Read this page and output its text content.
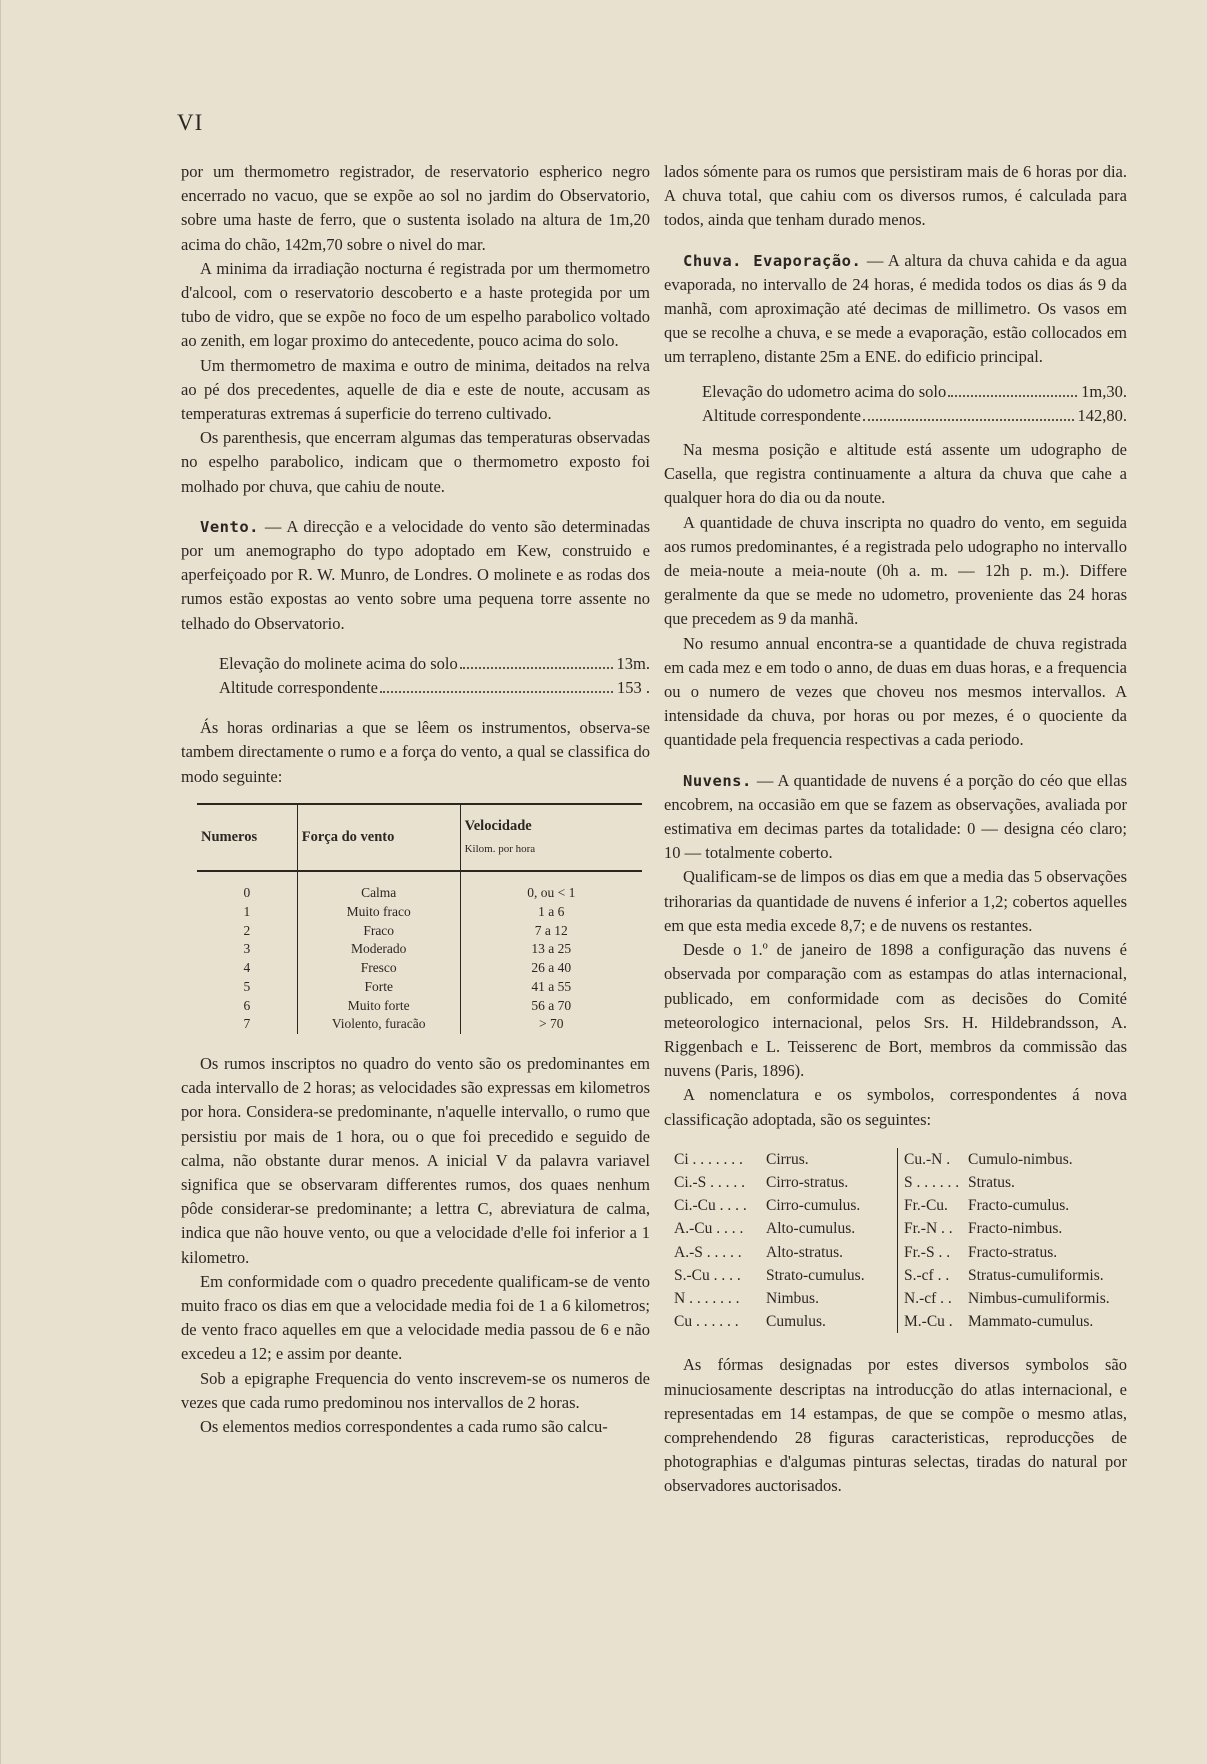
VI

por um thermometro registrador, de reservatorio espherico negro encerrado no vacuo, que se expõe ao sol no jardim do Observatorio, sobre uma haste de ferro, que o sustenta isolado na altura de 1m,20 acima do chão, 142m,70 sobre o nivel do mar.

A minima da irradiação nocturna é registrada por um thermometro d'alcool, com o reservatorio descoberto e a haste protegida por um tubo de vidro, que se expõe no foco de um espelho parabolico voltado ao zenith, em logar proximo do antecedente, pouco acima do solo.

Um thermometro de maxima e outro de minima, deitados na relva ao pé dos precedentes, aquelle de dia e este de noute, accusam as temperaturas extremas á superficie do terreno cultivado.

Os parenthesis, que encerram algumas das temperaturas observadas no espelho parabolico, indicam que o thermometro exposto foi molhado por chuva, que cahiu de noute.

Vento. — A direcção e a velocidade do vento são determinadas por um anemographo do typo adoptado em Kew, construido e aperfeiçoado por R. W. Munro, de Londres. O molinete e as rodas dos rumos estão expostas ao vento sobre uma pequena torre assente no telhado do Observatorio.

Elevação do molinete acima do solo	13m.
Altitude correspondente	153 .

Ás horas ordinarias a que se lêem os instrumentos, observa-se tambem directamente o rumo e a força do vento, a qual se classifica do modo seguinte:

Numeros	Força do vento	Velocidade
Kilom. por hora

0	Calma	0, ou < 1
1	Muito fraco	1 a 6
2	Fraco	7 a 12
3	Moderado	13 a 25
4	Fresco	26 a 40
5	Forte	41 a 55
6	Muito forte	56 a 70
7	Violento, furacão	> 70

Os rumos inscriptos no quadro do vento são os predominantes em cada intervallo de 2 horas; as velocidades são expressas em kilometros por hora. Considera-se predominante, n'aquelle intervallo, o rumo que persistiu por mais de 1 hora, ou o que foi precedido e seguido de calma, não obstante durar menos. A inicial V da palavra variavel significa que se observaram differentes rumos, dos quaes nenhum pôde considerar-se predominante; a lettra C, abreviatura de calma, indica que não houve vento, ou que a velocidade d'elle foi inferior a 1 kilometro.

Em conformidade com o quadro precedente qualificam-se de vento muito fraco os dias em que a velocidade media foi de 1 a 6 kilometros; de vento fraco aquelles em que a velocidade media passou de 6 e não excedeu a 12; e assim por deante.

Sob a epigraphe Frequencia do vento inscrevem-se os numeros de vezes que cada rumo predominou nos intervallos de 2 horas.

Os elementos medios correspondentes a cada rumo são calcu-

lados sómente para os rumos que persistiram mais de 6 horas por dia. A chuva total, que cahiu com os diversos rumos, é calculada para todos, ainda que tenham durado menos.

Chuva. Evaporação. — A altura da chuva cahida e da agua evaporada, no intervallo de 24 horas, é medida todos os dias ás 9 da manhã, com aproximação até decimas de millimetro. Os vasos em que se recolhe a chuva, e se mede a evaporação, estão collocados em um terrapleno, distante 25m a ENE. do edificio principal.

Elevação do udometro acima do solo	1m,30.
Altitude correspondente	142,80.

Na mesma posição e altitude está assente um udographo de Casella, que registra continuamente a altura da chuva que cahe a qualquer hora do dia ou da noute.

A quantidade de chuva inscripta no quadro do vento, em seguida aos rumos predominantes, é a registrada pelo udographo no intervallo de meia-noute a meia-noute (0h a. m. — 12h p. m.). Differe geralmente da que se mede no udometro, proveniente das 24 horas que precedem as 9 da manhã.

No resumo annual encontra-se a quantidade de chuva registrada em cada mez e em todo o anno, de duas em duas horas, e a frequencia ou o numero de vezes que choveu nos mesmos intervallos. A intensidade da chuva, por horas ou por mezes, é o quociente da quantidade pela frequencia respectivas a cada periodo.

Nuvens. — A quantidade de nuvens é a porção do céo que ellas encobrem, na occasião em que se fazem as observações, avaliada por estimativa em decimas partes da totalidade: 0 — designa céo claro; 10 — totalmente coberto.

Qualificam-se de limpos os dias em que a media das 5 observações trihorarias da quantidade de nuvens é inferior a 1,2; cobertos aquelles em que esta media excede 8,7; e de nuvens os restantes.

Desde o 1.º de janeiro de 1898 a configuração das nuvens é observada por comparação com as estampas do atlas internacional, publicado, em conformidade com as decisões do Comité meteorologico internacional, pelos Srs. H. Hildebrandsson, A. Riggenbach e L. Teisserenc de Bort, membros da commissão das nuvens (Paris, 1896).

A nomenclatura e os symbolos, correspondentes á nova classificação adoptada, são os seguintes:

Ci . . . . . . .	Cirrus.
Ci.-S . . . . .	Cirro-stratus.
Ci.-Cu . . . .	Cirro-cumulus.
A.-Cu . . . .	Alto-cumulus.
A.-S . . . . .	Alto-stratus.
S.-Cu . . . .	Strato-cumulus.
N . . . . . . .	Nimbus.
Cu . . . . . .	Cumulus.
Cu.-N .	Cumulo-nimbus.
S . . . . . . Stratus.
Fr.-Cu.	Fracto-cumulus.
Fr.-N . . Fracto-nimbus.
Fr.-S . .	Fracto-stratus.
S.-cf . .	Stratus-cumuliformis.
N.-cf . .	Nimbus-cumuliformis.
M.-Cu . Mammato-cumulus.

As fórmas designadas por estes diversos symbolos são minuciosamente descriptas na introducção do atlas internacional, e representadas em 14 estampas, de que se compõe o mesmo atlas, comprehendendo 28 figuras caracteristicas, reproducções de photographias e d'algumas pinturas selectas, tiradas do natural por observadores auctorisados.
